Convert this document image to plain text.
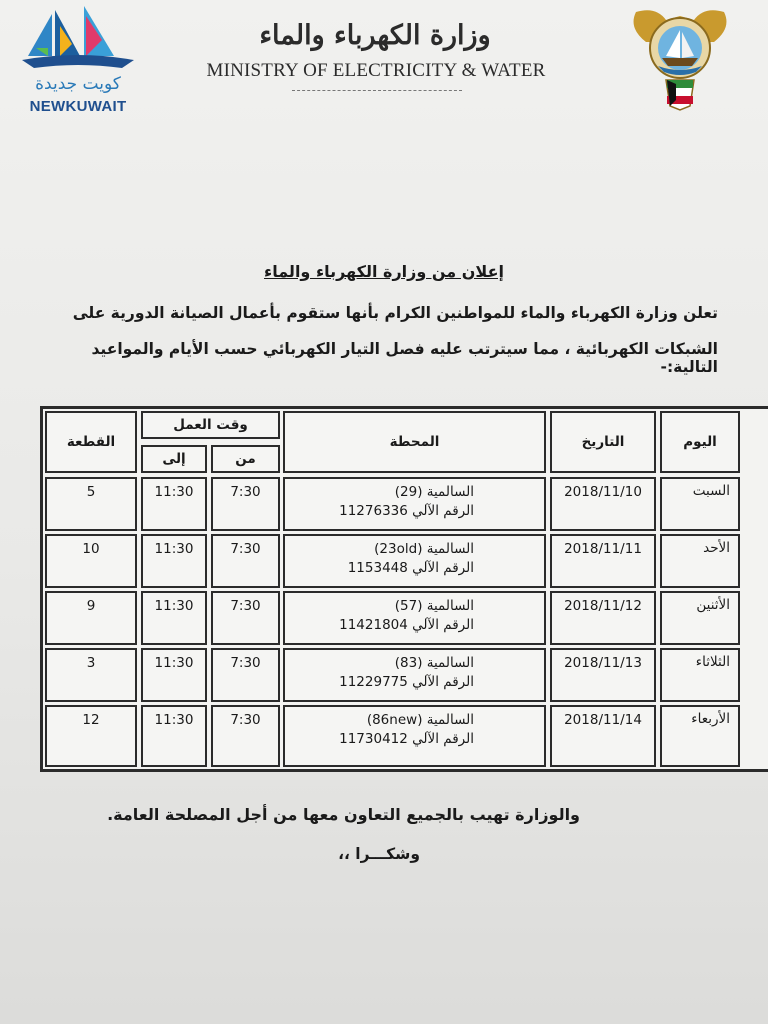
كويت جديدة
NEWKUWAIT
وزارة الكهرباء والماء
MINISTRY OF ELECTRICITY & WATER
إعلان من وزارة الكهرباء والماء
تعلن وزارة الكهرباء والماء للمواطنين الكرام بأنها ستقوم بأعمال الصيانة الدورية على
الشبكات الكهربائية ، مما سيترتب عليه فصل التيار الكهربائي حسب الأيام والمواعيد التالية:-
اليوم
التاريخ
المحطة
وقت العمل
من
إلى
القطعة
السبت
2018/11/10
السالمية (29)
الرقم الآلي 11276336
7:30
11:30
5
الأحد
2018/11/11
السالمية (23old)
الرقم الآلي 1153448
7:30
11:30
10
الأثنين
2018/11/12
السالمية (57)
الرقم الآلي 11421804
7:30
11:30
9
الثلاثاء
2018/11/13
السالمية (83)
الرقم الآلي 11229775
7:30
11:30
3
الأربعاء
2018/11/14
السالمية (86new)
الرقم الآلي 11730412
7:30
11:30
12
والوزارة تهيب بالجميع التعاون معها من أجل المصلحة العامة.
وشكـــرا ،،
